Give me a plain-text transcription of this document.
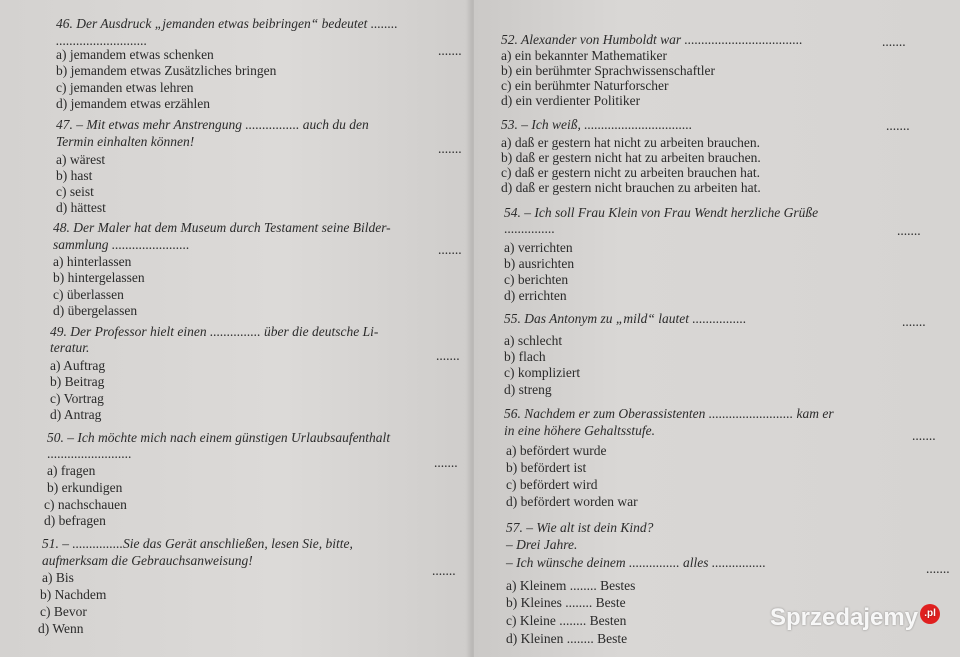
46. Der Ausdruck „jemanden etwas beibringen“ bedeutet ........
...........................
.......
a) jemandem etwas schenken
b) jemandem etwas Zusätzliches bringen
c) jemanden etwas lehren
d) jemandem etwas erzählen
47. – Mit etwas mehr Anstrengung ................ auch du den
Termin einhalten können!	.......
a) wärest
b) hast
c) seist
d) hättest
48. Der Maler hat dem Museum durch Testament seine Bilder-
sammlung .......................	.......
a) hinterlassen
b) hintergelassen
c) überlassen
d) übergelassen
49. Der Professor hielt einen ............... über die deutsche Li-
teratur.
.......
a) Auftrag
b) Beitrag
c) Vortrag
d) Antrag
50. – Ich möchte mich nach einem günstigen Urlaubsaufenthalt
.........................
.......
a) fragen
b) erkundigen
c) nachschauen
d) befragen
51. – ...............Sie das Gerät anschließen, lesen Sie, bitte,
aufmerksam die Gebrauchsanweisung!
.......
a) Bis
b) Nachdem
c) Bevor
d) Wenn
52. Alexander von Humboldt war ...................................	.......
a) ein bekannter Mathematiker
b) ein berühmter Sprachwissenschaftler
c) ein berühmter Naturforscher
d) ein verdienter Politiker
53. – Ich weiß, ................................	.......
a) daß er gestern hat nicht zu arbeiten brauchen.
b) daß er gestern nicht hat zu arbeiten brauchen.
c) daß er gestern nicht zu arbeiten brauchen hat.
d) daß er gestern nicht brauchen zu arbeiten hat.
54. – Ich soll Frau Klein von Frau Wendt herzliche Grüße
...............	.......
a) verrichten
b) ausrichten
c) berichten
d) errichten
55. Das Antonym zu „mild“ lautet ................	.......
a) schlecht
b) flach
c) kompliziert
d) streng
56. Nachdem er zum Oberassistenten ......................... kam er
in eine höhere Gehaltsstufe.	.......
a) befördert wurde
b) befördert ist
c) befördert wird
d) befördert worden war
57. – Wie alt ist dein Kind?
– Drei Jahre.
– Ich wünsche deinem ............... alles ................	.......
a) Kleinem ........ Bestes
b) Kleines ........ Beste
c) Kleine ........ Besten
d) Kleinen ........ Beste
Sprzedajemy .pl
